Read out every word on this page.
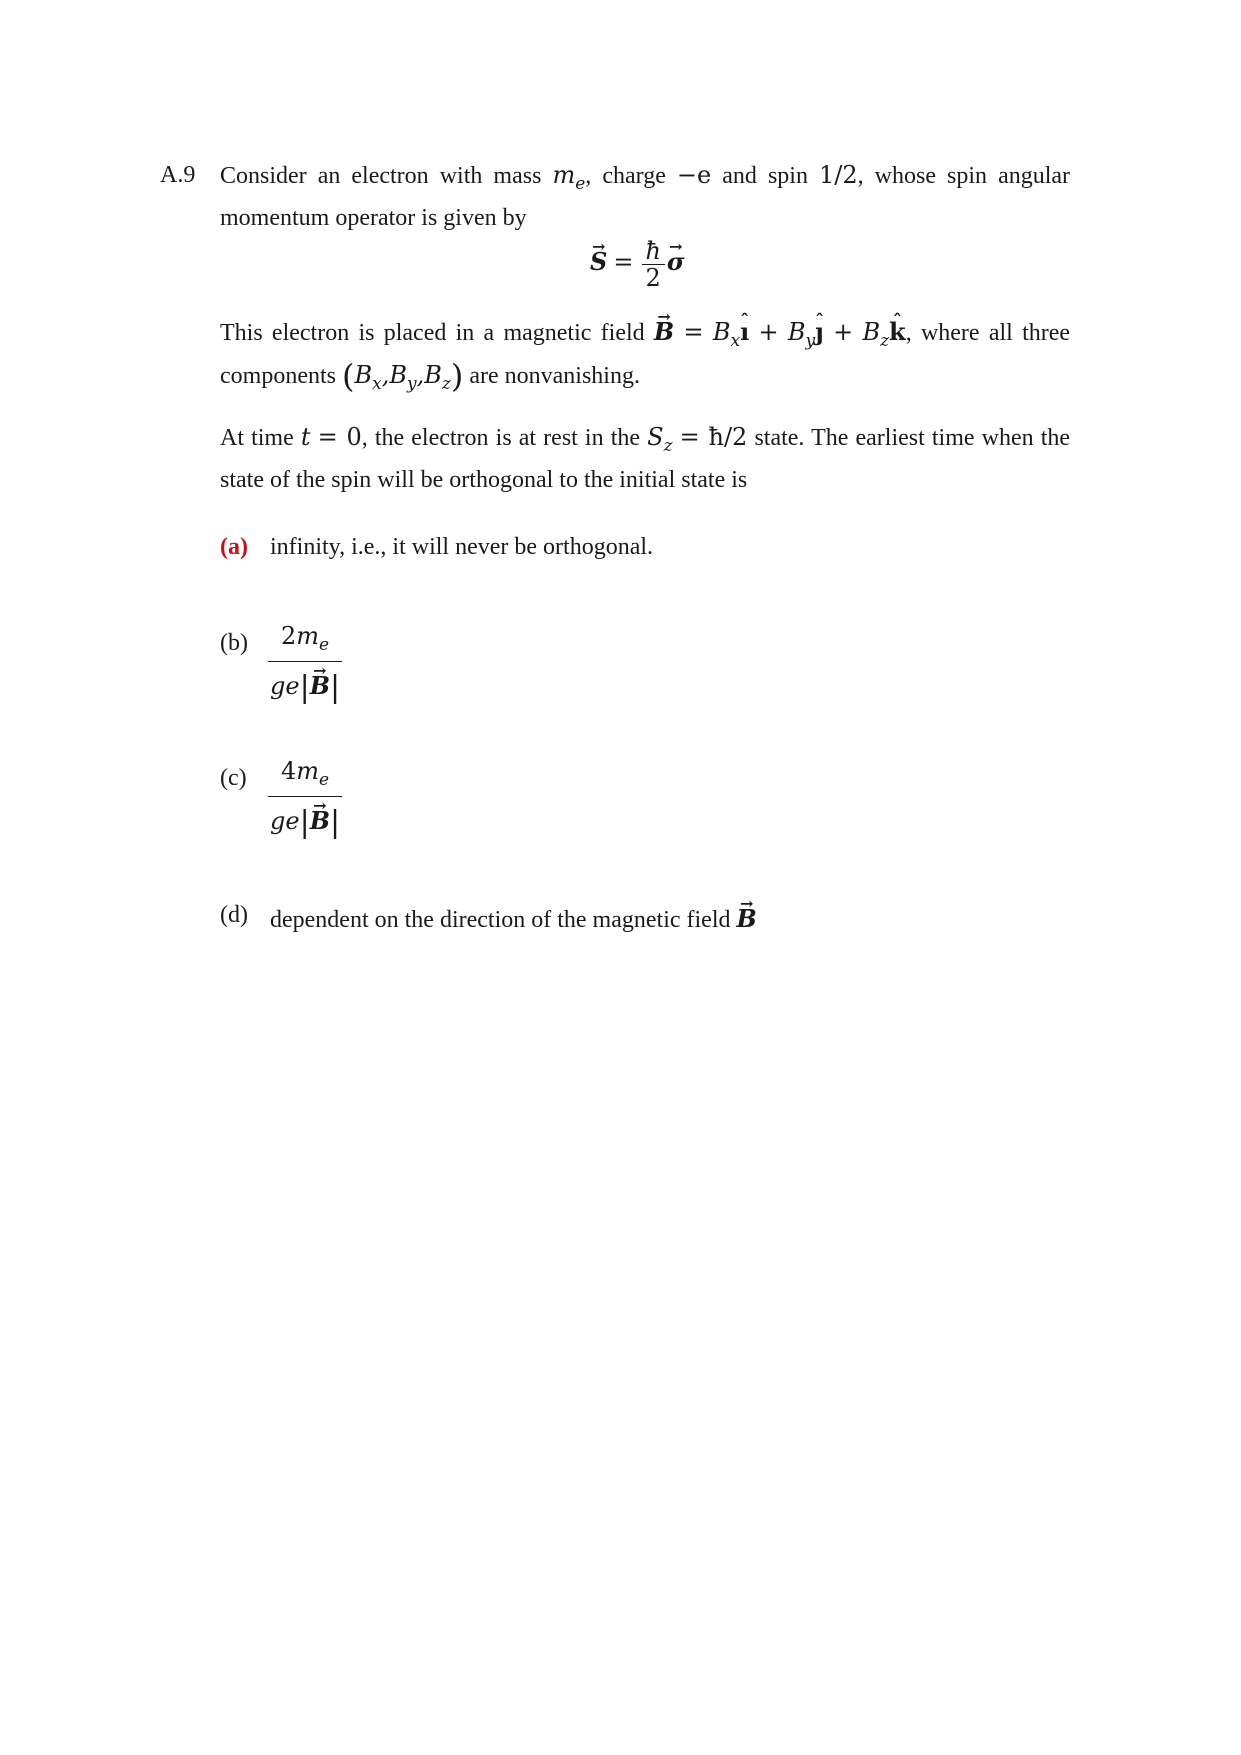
A.9 Consider an electron with mass $m_e$, charge −e and spin 1/2, whose spin angular momentum operator is given by
→ $S = \frac{ħ}{2}$
→ σ
This electron is placed in a magnetic field → $B = B_xˆ$ ı + $B_yˆ$ ȷ + $B_zˆ$ k, where all three components $(B_x,B_y,B_z)$ are nonvanishing.
At time t = 0, the electron is at rest in the $S_z$ = ħ/2 state. The earliest time when the state of the spin will be orthogonal to the initial state is
(a) infinity, i.e., it will never be orthogonal.
$(b) \frac{2m_e}{ge|\to B|}$
$(c) \frac{4m_e}{ge|\to B|}$
(d) dependent on the direction of the magnetic field → B
